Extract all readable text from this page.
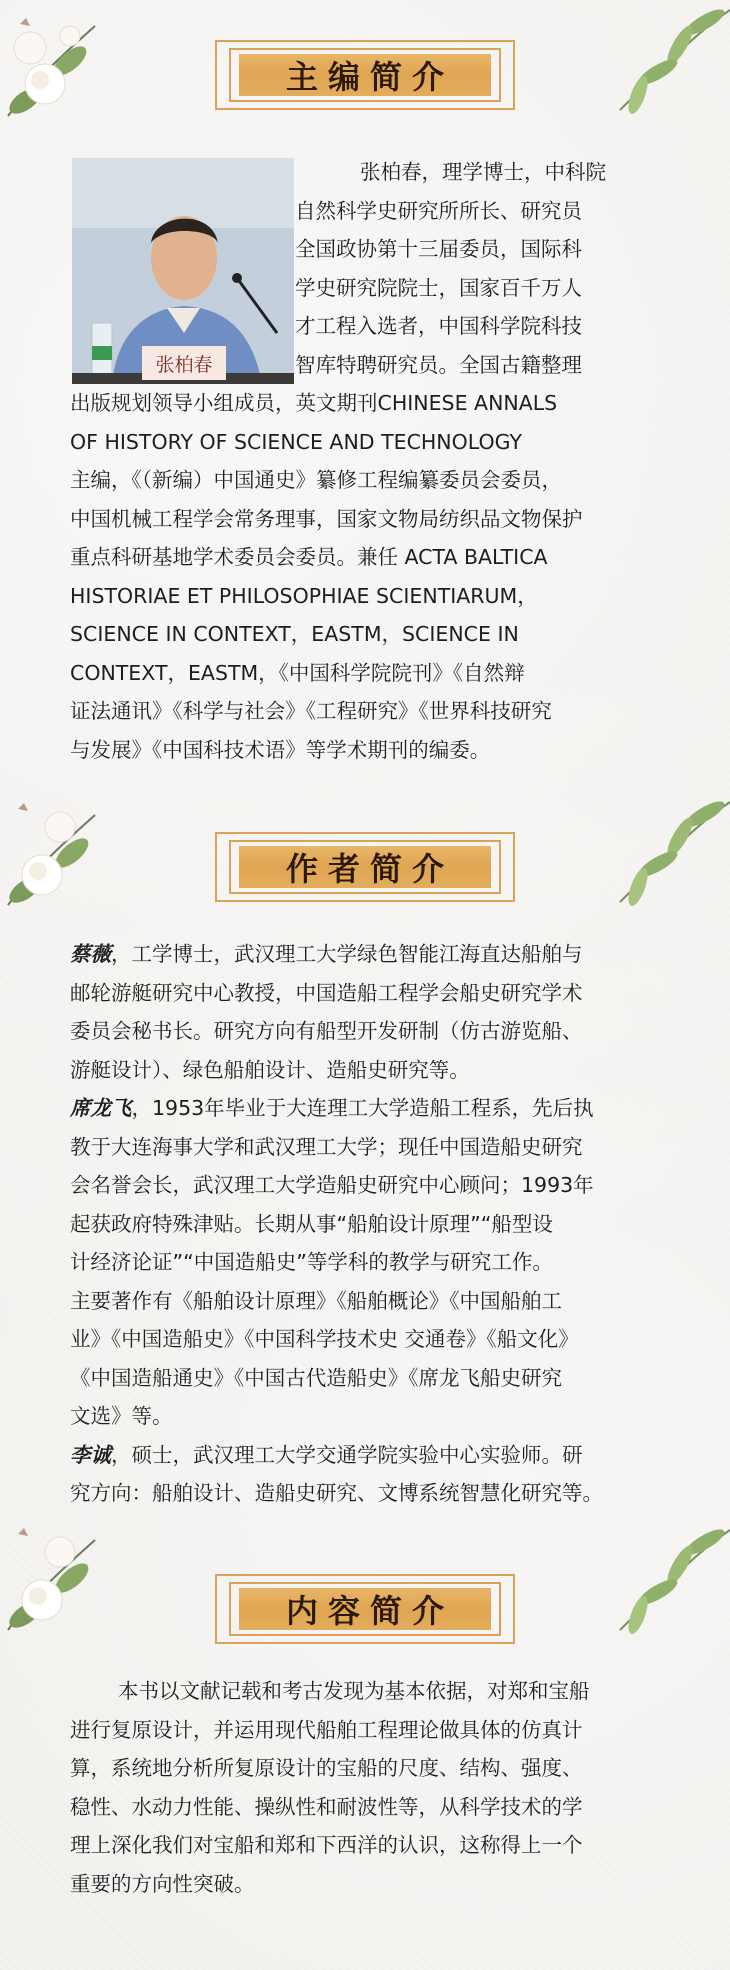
主编简介
张柏春
张柏春，理学博士，中科院
自然科学史研究所所长、研究员
全国政协第十三届委员，国际科
学史研究院院士，国家百千万人
才工程入选者，中国科学院科技
智库特聘研究员。全国古籍整理
出版规划领导小组成员，英文期刊CHINESE ANNALS
OF HISTORY OF SCIENCE AND TECHNOLOGY
主编，《（新编）中国通史》纂修工程编纂委员会委员，
中国机械工程学会常务理事，国家文物局纺织品文物保护
重点科研基地学术委员会委员。兼任 ACTA BALTICA
HISTORIAE ET PHILOSOPHIAE SCIENTIARUM，
SCIENCE IN CONTEXT，EASTM，SCIENCE IN
CONTEXT，EASTM，《中国科学院院刊》《自然辩
证法通讯》《科学与社会》《工程研究》《世界科技研究
与发展》《中国科技术语》等学术期刊的编委。
作者简介
蔡薇，工学博士，武汉理工大学绿色智能江海直达船舶与
邮轮游艇研究中心教授，中国造船工程学会船史研究学术
委员会秘书长。研究方向有船型开发研制（仿古游览船、
游艇设计）、绿色船舶设计、造船史研究等。
席龙飞，1953年毕业于大连理工大学造船工程系，先后执
教于大连海事大学和武汉理工大学；现任中国造船史研究
会名誉会长，武汉理工大学造船史研究中心顾问；1993年
起获政府特殊津贴。长期从事“船舶设计原理”“船型设
计经济论证”“中国造船史”等学科的教学与研究工作。
主要著作有《船舶设计原理》《船舶概论》《中国船舶工
业》《中国造船史》《中国科学技术史 交通卷》《船文化》
《中国造船通史》《中国古代造船史》《席龙飞船史研究
文选》等。
李诚，硕士，武汉理工大学交通学院实验中心实验师。研
究方向：船舶设计、造船史研究、文博系统智慧化研究等。
内容简介
本书以文献记载和考古发现为基本依据，对郑和宝船
进行复原设计，并运用现代船舶工程理论做具体的仿真计
算，系统地分析所复原设计的宝船的尺度、结构、强度、
稳性、水动力性能、操纵性和耐波性等，从科学技术的学
理上深化我们对宝船和郑和下西洋的认识，这称得上一个
重要的方向性突破。
